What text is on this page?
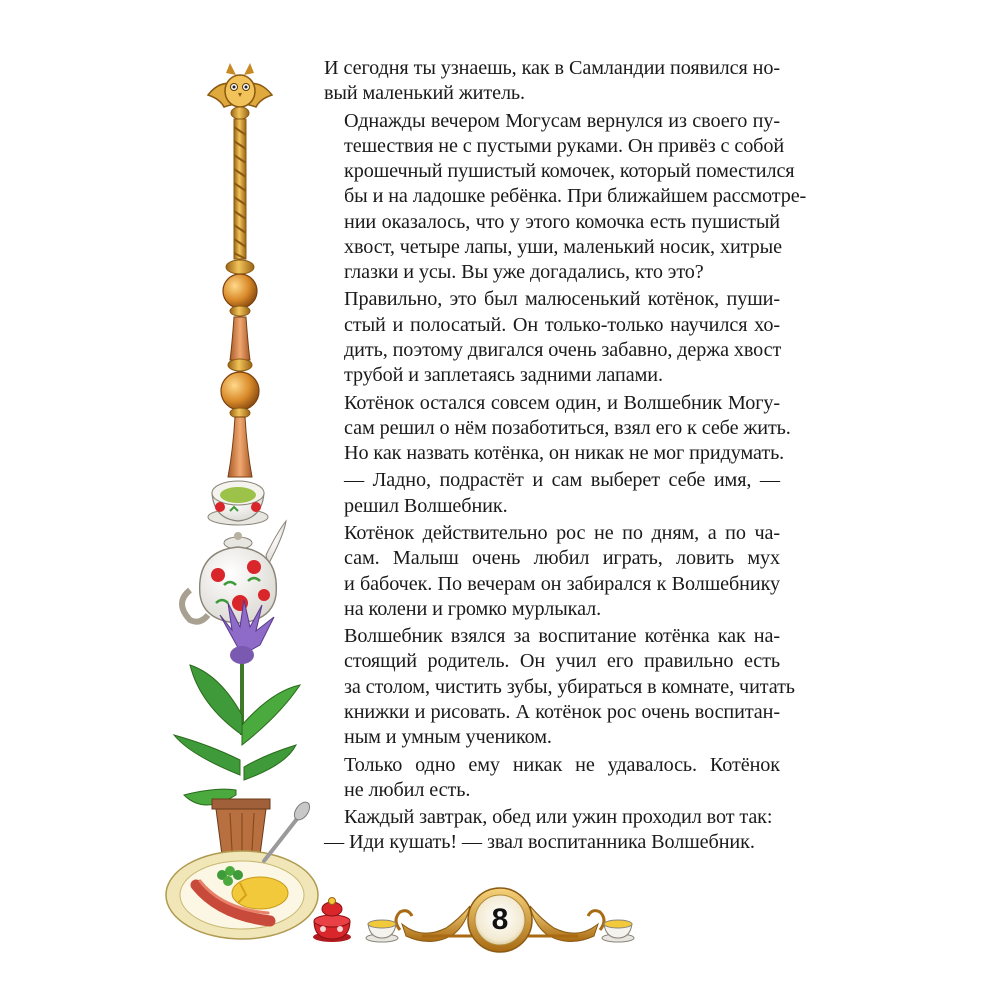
И сегодня ты узнаешь, как в Самландии появился но-
вый маленький житель.

Однажды вечером Могусам вернулся из своего пу-
тешествия не с пустыми руками. Он привёз с собой
крошечный пушистый комочек, который поместился
бы и на ладошке ребёнка. При ближайшем рассмотре-
нии оказалось, что у этого комочка есть пушистый
хвост, четыре лапы, уши, маленький носик, хитрые
глазки и усы. Вы уже догадались, кто это?

Правильно, это был малюсенький котёнок, пуши-
стый и полосатый. Он только-только научился хо-
дить, поэтому двигался очень забавно, держа хвост
трубой и заплетаясь задними лапами.

Котёнок остался совсем один, и Волшебник Могу-
сам решил о нём позаботиться, взял его к себе жить.
Но как назвать котёнка, он никак не мог придумать.

— Ладно, подрастёт и сам выберет себе имя, —
решил Волшебник.

Котёнок действительно рос не по дням, а по ча-
сам. Малыш очень любил играть, ловить мух
и бабочек. По вечерам он забирался к Волшебнику
на колени и громко мурлыкал.

Волшебник взялся за воспитание котёнка как на-
стоящий родитель. Он учил его правильно есть
за столом, чистить зубы, убираться в комнате, читать
книжки и рисовать. А котёнок рос очень воспитан-
ным и умным учеником.

Только одно ему никак не удавалось. Котёнок
не любил есть.

Каждый завтрак, обед или ужин проходил вот так:
— Иди кушать! — звал воспитанника Волшебник.

8
